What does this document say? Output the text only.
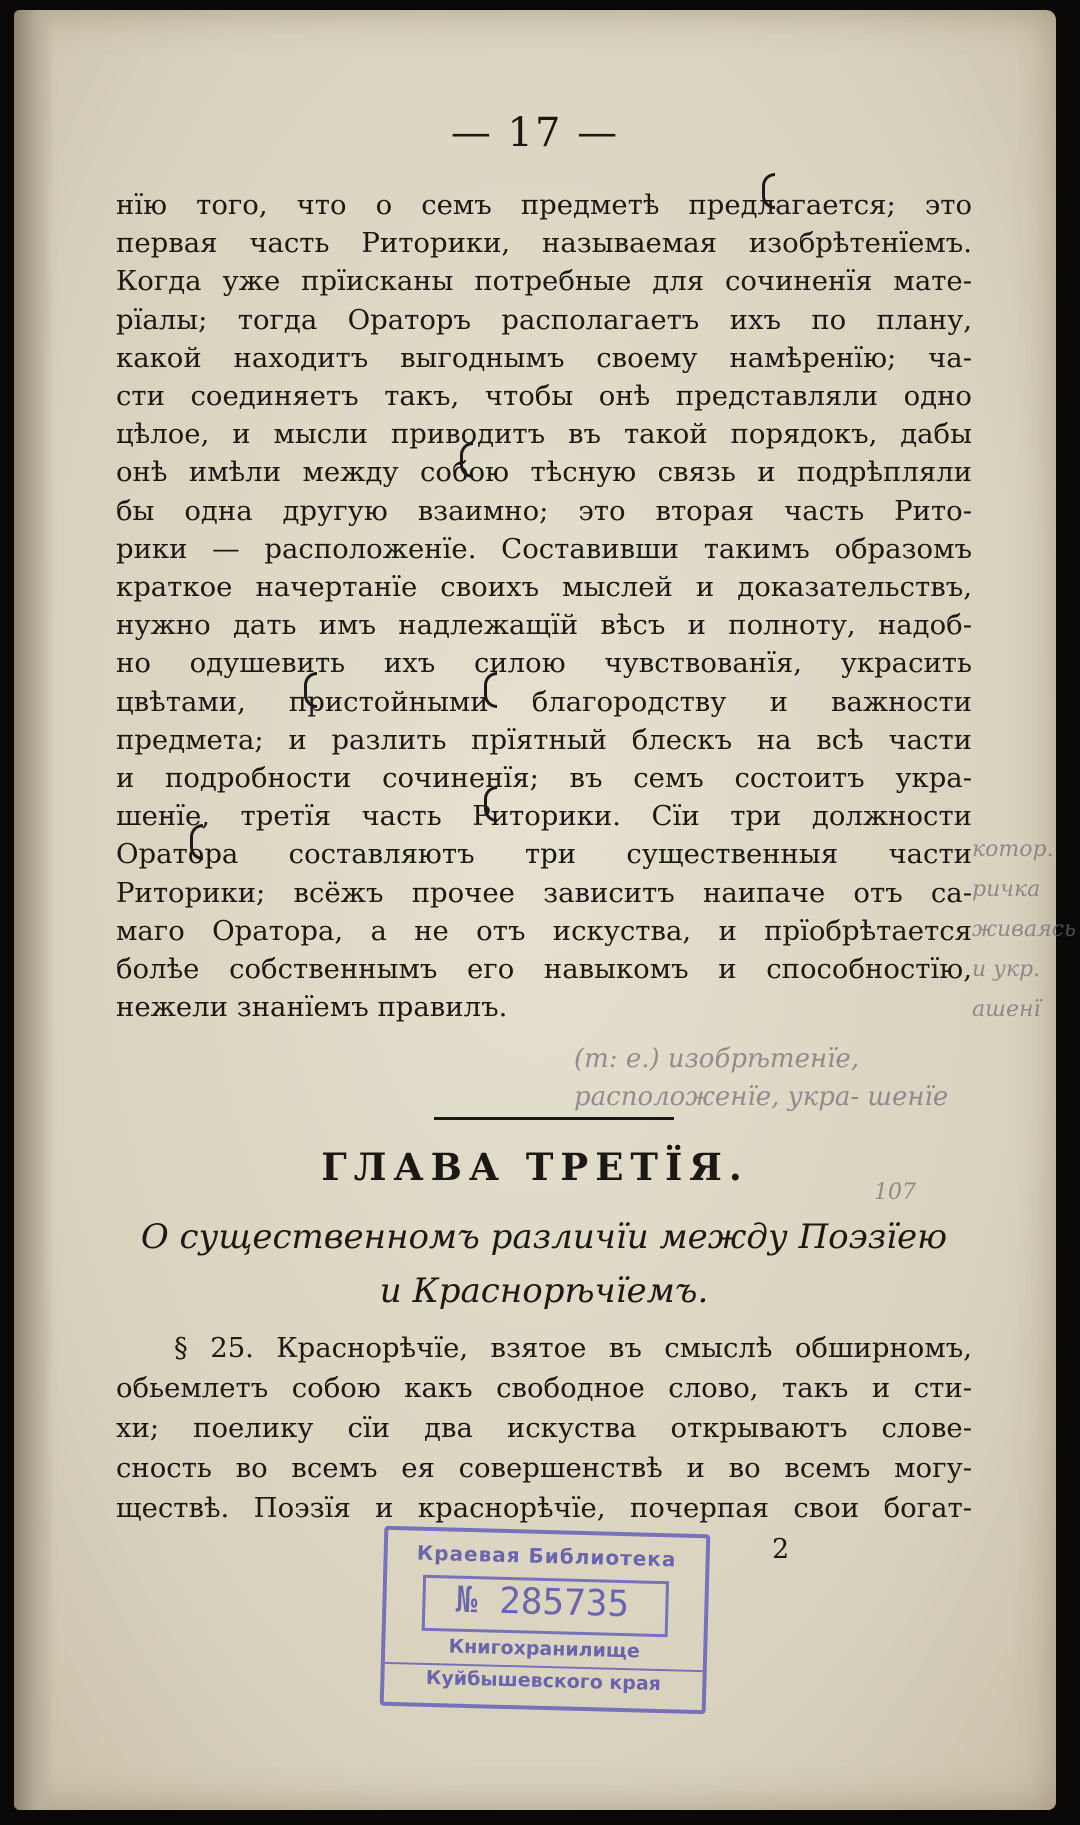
— 17 —
нїю того, что о семъ предметѣ предлагается; это
первая часть Риторики, называемая изобрѣтенїемъ.
Когда уже прїисканы потребные для сочиненїя мате-
рїалы; тогда Ораторъ располагаетъ ихъ по плану,
какой находитъ выгоднымъ своему намѣренїю; ча-
сти соединяетъ такъ, чтобы онѣ представляли одно
цѣлое, и мысли приводитъ въ такой порядокъ, дабы
онѣ имѣли между собою тѣсную связь и подрѣпляли
бы одна другую взаимно; это вторая часть Рито-
рики — расположенїе. Составивши такимъ образомъ
краткое начертанїе своихъ мыслей и доказательствъ,
нужно дать имъ надлежащїй вѣсъ и полноту, надоб-
но одушевить ихъ силою чувствованїя, украсить
цвѣтами, пристойными благородству и важности
предмета; и разлить прїятный блескъ на всѣ части
и подробности сочиненїя; въ семъ состоитъ укра-
шенїе, третїя часть Риторики. Сїи три должности
Оратора составляютъ три существенныя части
Риторики; всёжъ прочее зависитъ наипаче отъ са-
маго Оратора, а не отъ искуства, и прїобрѣтается
болѣе собственнымъ его навыкомъ и способностїю,
нежели знанїемъ правилъ.
котор. ричка живаясь и укр. ашенї
(т: е.) изобрѣтенїе, расположенїе, укра- шенїе
ГЛАВА ТРЕТЇЯ.
107
О существенномъ различїи между Поэзїею
и Краснорѣчїемъ.
§ 25. Краснорѣчїе, взятое въ смыслѣ обширномъ,
обьемлетъ собою какъ свободное слово, такъ и сти-
хи; поелику сїи два искуства открываютъ слове-
сность во всемъ ея совершенствѣ и во всемъ могу-
ществѣ. Поэзїя и краснорѣчїе, почерпая свои богат-
2
Краевая Библиотека
№ 285735
Книгохранилище
Куйбышевского края
